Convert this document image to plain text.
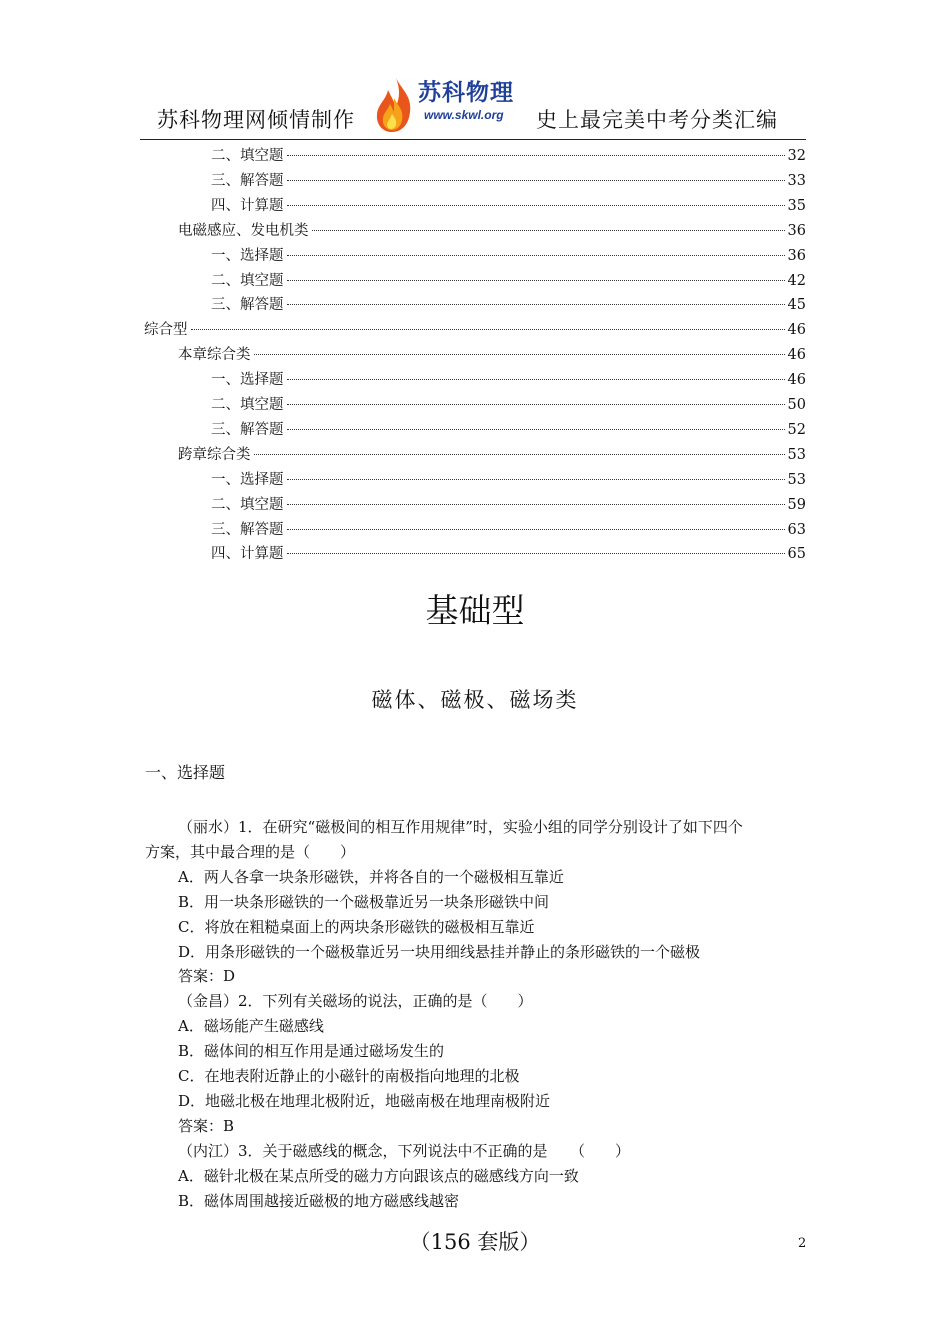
苏科物理网倾情制作
苏科物理
www.skwl.org 史上最完美中考分类汇编
二、填空题	32
三、解答题	33
四、计算题	35
电磁感应、发电机类	36
一、选择题	36
二、填空题	42
三、解答题	45
综合型	46
本章综合类	46
一、选择题	46
二、填空题	50
三、解答题	52
跨章综合类	53
一、选择题	53
二、填空题	59
三、解答题	63
四、计算题	65
基础型
磁体、磁极、磁场类
一、选择题
（丽水）1．在研究“磁极间的相互作用规律”时，实验小组的同学分别设计了如下四个
方案，其中最合理的是（　　）
A．两人各拿一块条形磁铁，并将各自的一个磁极相互靠近
B．用一块条形磁铁的一个磁极靠近另一块条形磁铁中间
C．将放在粗糙桌面上的两块条形磁铁的磁极相互靠近
D．用条形磁铁的一个磁极靠近另一块用细线悬挂并静止的条形磁铁的一个磁极
答案：D
（金昌）2．下列有关磁场的说法，正确的是（　　）
A．磁场能产生磁感线
B．磁体间的相互作用是通过磁场发生的
C．在地表附近静止的小磁针的南极指向地理的北极
D．地磁北极在地理北极附近，地磁南极在地理南极附近
答案：B
（内江）3．关于磁感线的概念，下列说法中不正确的是　　（　　）
A．磁针北极在某点所受的磁力方向跟该点的磁感线方向一致
B．磁体周围越接近磁极的地方磁感线越密
（156 套版）	2
